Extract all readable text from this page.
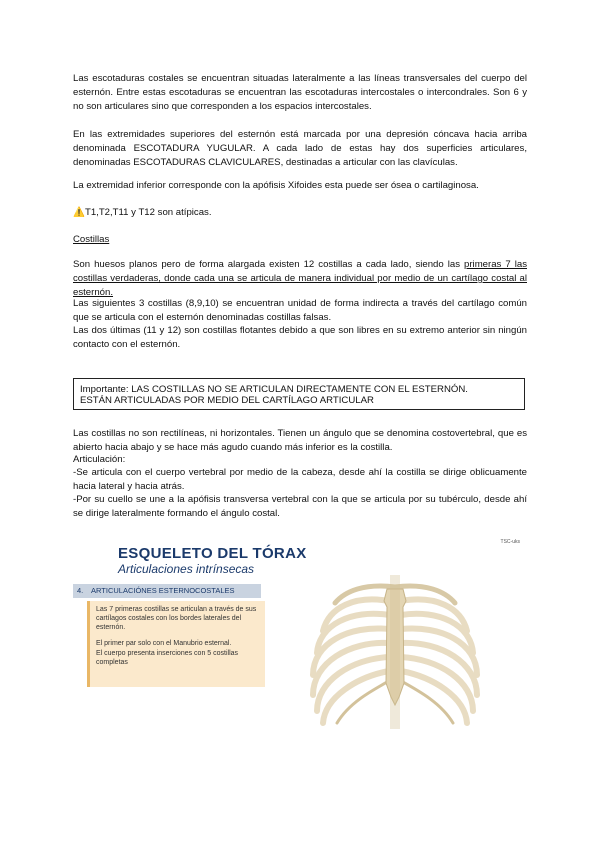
Las escotaduras costales se encuentran situadas lateralmente a las líneas transversales del cuerpo del esternón. Entre estas escotaduras se encuentran las escotaduras intercostales o intercondrales. Son 6 y no son articulares sino que corresponden a los espacios intercostales.

En las extremidades superiores del esternón está marcada por una depresión cóncava hacia arriba denominada ESCOTADURA YUGULAR. A cada lado de estas hay dos superficies articulares, denominadas ESCOTADURAS CLAVICULARES, destinadas a articular con las clavículas.

La extremidad inferior corresponde con la apófisis Xifoides esta puede ser ósea o cartilaginosa.

⚠️T1,T2,T11 y T12 son atípicas.

Costillas

Son huesos planos pero de forma alargada existen 12 costillas a cada lado, siendo las primeras 7 las costillas verdaderas, donde cada una se articula de manera individual por medio de un cartílago costal al esternón.

Las siguientes 3 costillas (8,9,10) se encuentran unidad de forma indirecta a través del cartílago común que se articula con el esternón denominadas costillas falsas.

Las dos últimas (11 y 12) son costillas flotantes debido a que son libres en su extremo anterior sin ningún contacto con el esternón.

Importante: LAS COSTILLAS NO SE ARTICULAN DIRECTAMENTE CON EL ESTERNÓN.
ESTÁN ARTICULADAS POR MEDIO DEL CARTÍLAGO ARTICULAR

Las costillas no son rectilíneas, ni horizontales. Tienen un ángulo que se denomina costovertebral, que es abierto hacia abajo y se hace más agudo cuando más inferior es la costilla.

Articulación:

-Se articula con el cuerpo vertebral por medio de la cabeza, desde ahí la costilla se dirige oblicuamente hacia lateral y hacia atrás.

-Por su cuello se une a la apófisis transversa vertebral con la que se articula por su tubérculo, desde ahí se dirige lateralmente formando el ángulo costal.

TSC-uks
ESQUELETO DEL TÓRAX
Articulaciones intrínsecas
4. ARTICULACIÓNES ESTERNOCOSTALES
Las 7 primeras costillas se articulan a través de sus cartílagos costales con los bordes laterales del esternón.
El primer par solo con el Manubrio esternal.
El cuerpo presenta inserciones con 5 costillas completas
